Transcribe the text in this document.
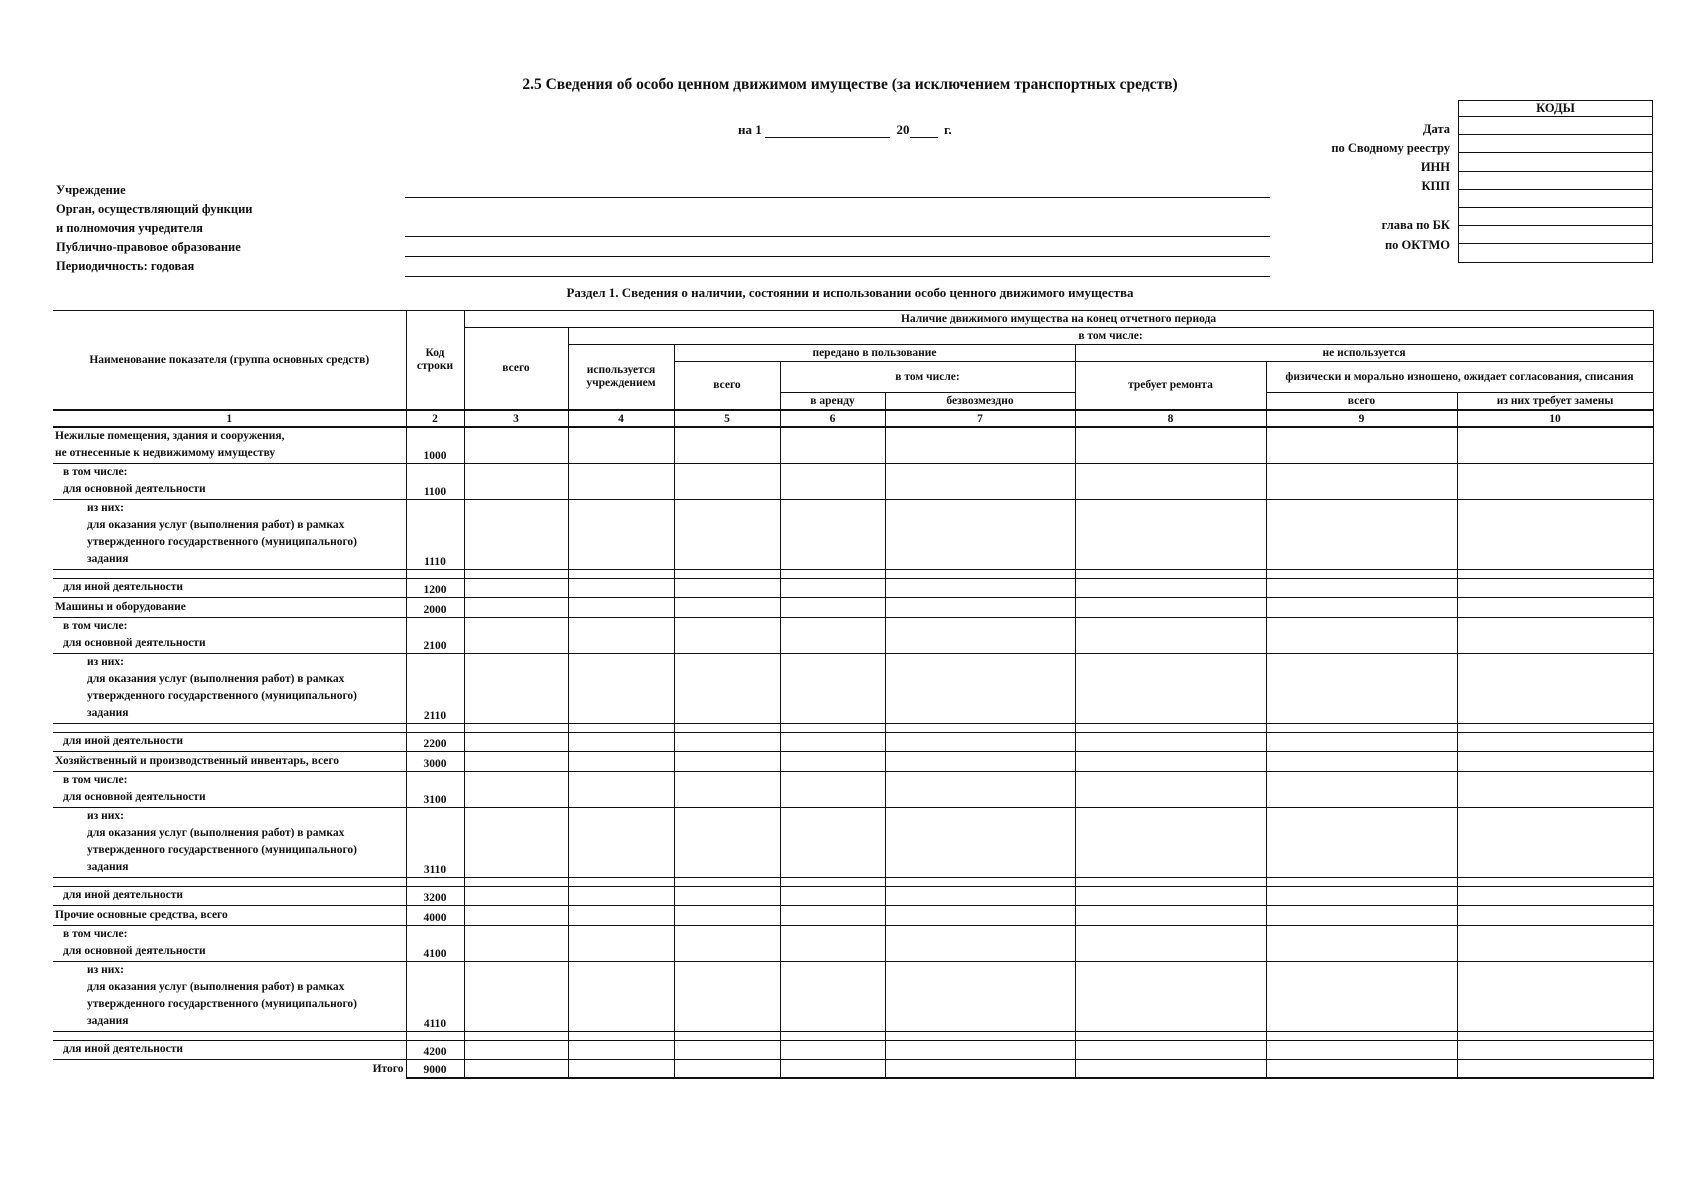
2.5 Сведения об особо ценном движимом имуществе (за исключением транспортных средств)
на 1	20	г.
Учреждение
Орган, осуществляющий функции
и полномочия учредителя
Публично-правовое образование
Периодичность: годовая
Дата
по Сводному реестру
ИНН
КПП
глава по БК
по ОКТМО
КОДЫ

Раздел 1. Сведения о наличии, состоянии и использовании особо ценного движимого имущества
Наименование показателя (группа основных средств)	Код строки	Наличие движимого имущества на конец отчетного периода							
		всего	в том числе:						
			используется учреждением	передано в пользование			не используется		
				всего	в том числе:		требует ремонта	физически и морально изношено, ожидает согласования, списания	
					в аренду	безвозмездно		всего	из них требует замены
1	2	3	4	5	6	7	8	9	10

Нежилые помещения, здания и сооружения,
не отнесенные к недвижимому имуществу	1000								

в том числе:
для основной деятельности	1100								

из них:
для оказания услуг (выполнения работ) в рамках
утвержденного государственного (муниципального)
задания	1110								

для иной деятельности	1200								

Машины и оборудование	2000								

в том числе:
для основной деятельности	2100								

из них:
для оказания услуг (выполнения работ) в рамках
утвержденного государственного (муниципального)
задания	2110								

для иной деятельности	2200								

Хозяйственный и производственный инвентарь, всего	3000								

в том числе:
для основной деятельности	3100								

из них:
для оказания услуг (выполнения работ) в рамках
утвержденного государственного (муниципального)
задания	3110								

для иной деятельности	3200								

Прочие основные средства, всего	4000								

в том числе:
для основной деятельности	4100								

из них:
для оказания услуг (выполнения работ) в рамках
утвержденного государственного (муниципального)
задания	4110								

для иной деятельности	4200								
Итого	9000								
